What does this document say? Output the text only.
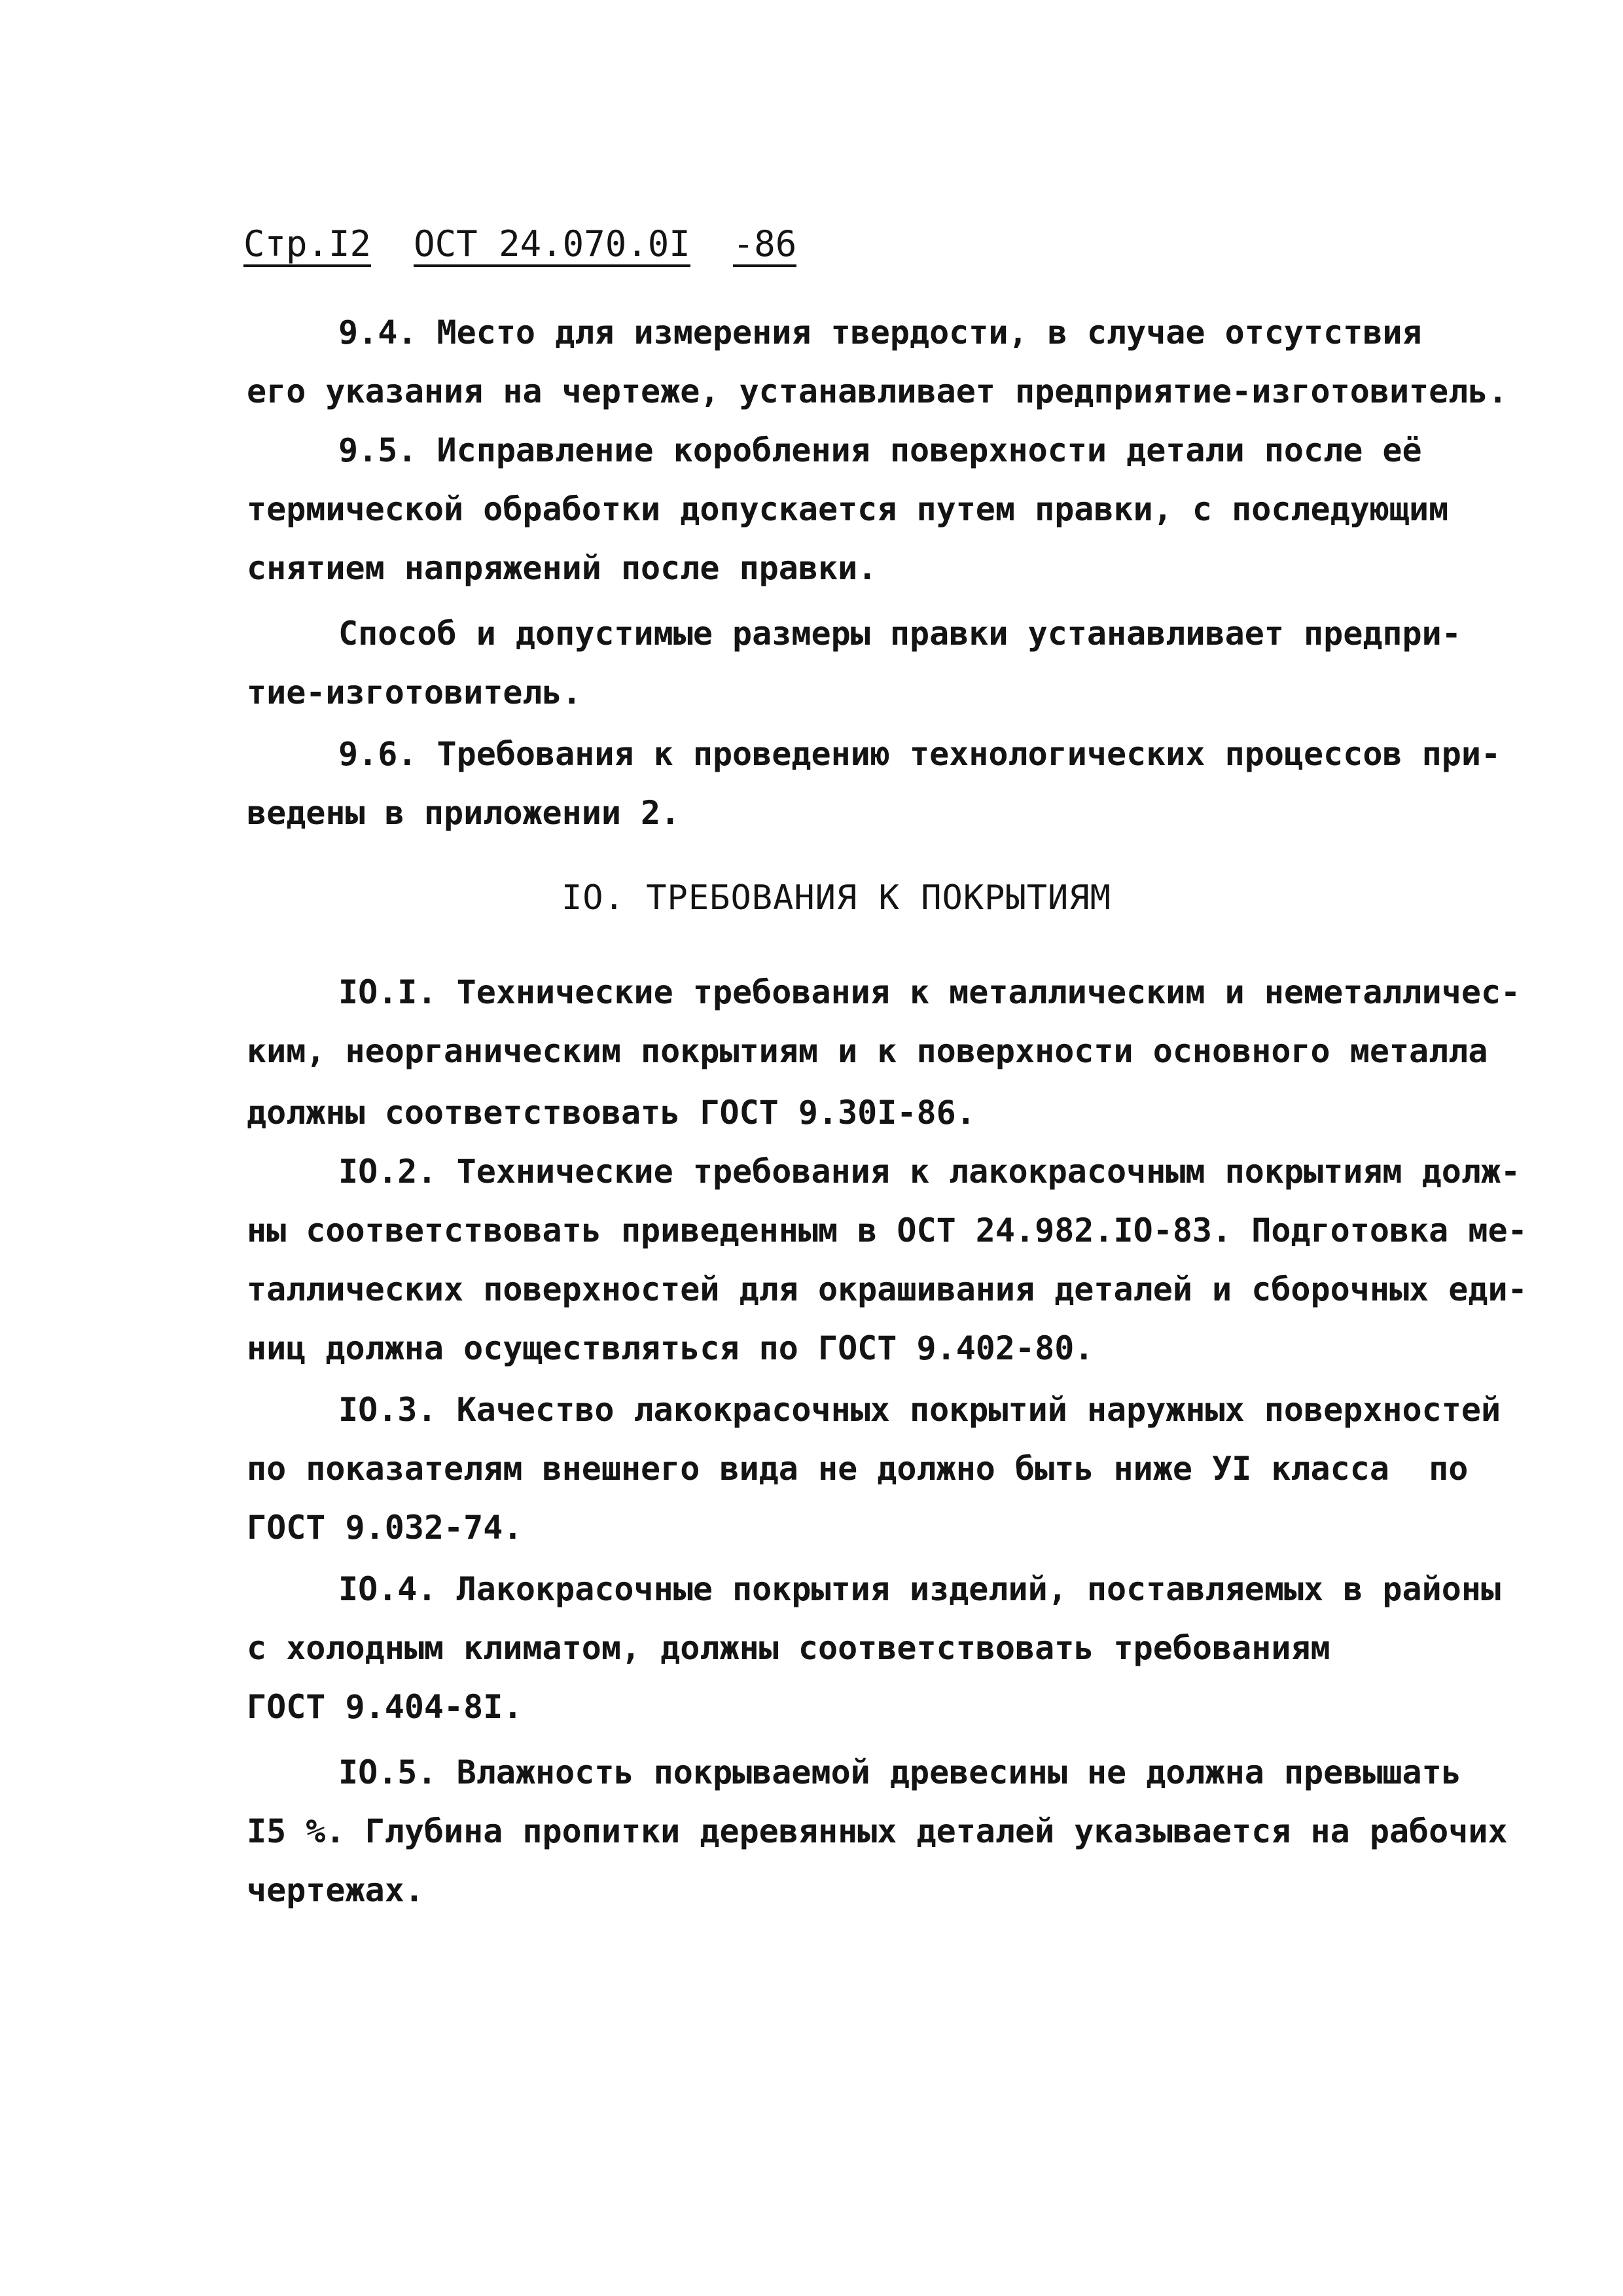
Стр.I2 ОСТ 24.070.0I -86
9.4. Место для измерения твердости, в случае отсутствия
его указания на чертеже, устанавливает предприятие-изготовитель.
9.5. Исправление коробления поверхности детали после её
термической обработки допускается путем правки, с последующим
снятием напряжений после правки.
Способ и допустимые размеры правки устанавливает предпри-
тие-изготовитель.
9.6. Требования к проведению технологических процессов при-
ведены в приложении 2.
IO. ТРЕБОВАНИЯ К ПОКРЫТИЯМ
IO.I. Технические требования к металлическим и неметалличес-
ким, неорганическим покрытиям и к поверхности основного металла
должны соответствовать ГОСТ 9.30I-86.
IO.2. Технические требования к лакокрасочным покрытиям долж-
ны соответствовать приведенным в ОСТ 24.982.IO-83. Подготовка ме-
таллических поверхностей для окрашивания деталей и сборочных еди-
ниц должна осуществляться по ГОСТ 9.402-80.
IO.3. Качество лакокрасочных покрытий наружных поверхностей
по показателям внешнего вида не должно быть ниже УI класса  по
ГОСТ 9.032-74.
IO.4. Лакокрасочные покрытия изделий, поставляемых в районы
с холодным климатом, должны соответствовать требованиям
ГОСТ 9.404-8I.
IO.5. Влажность покрываемой древесины не должна превышать
I5 %. Глубина пропитки деревянных деталей указывается на рабочих
чертежах.
